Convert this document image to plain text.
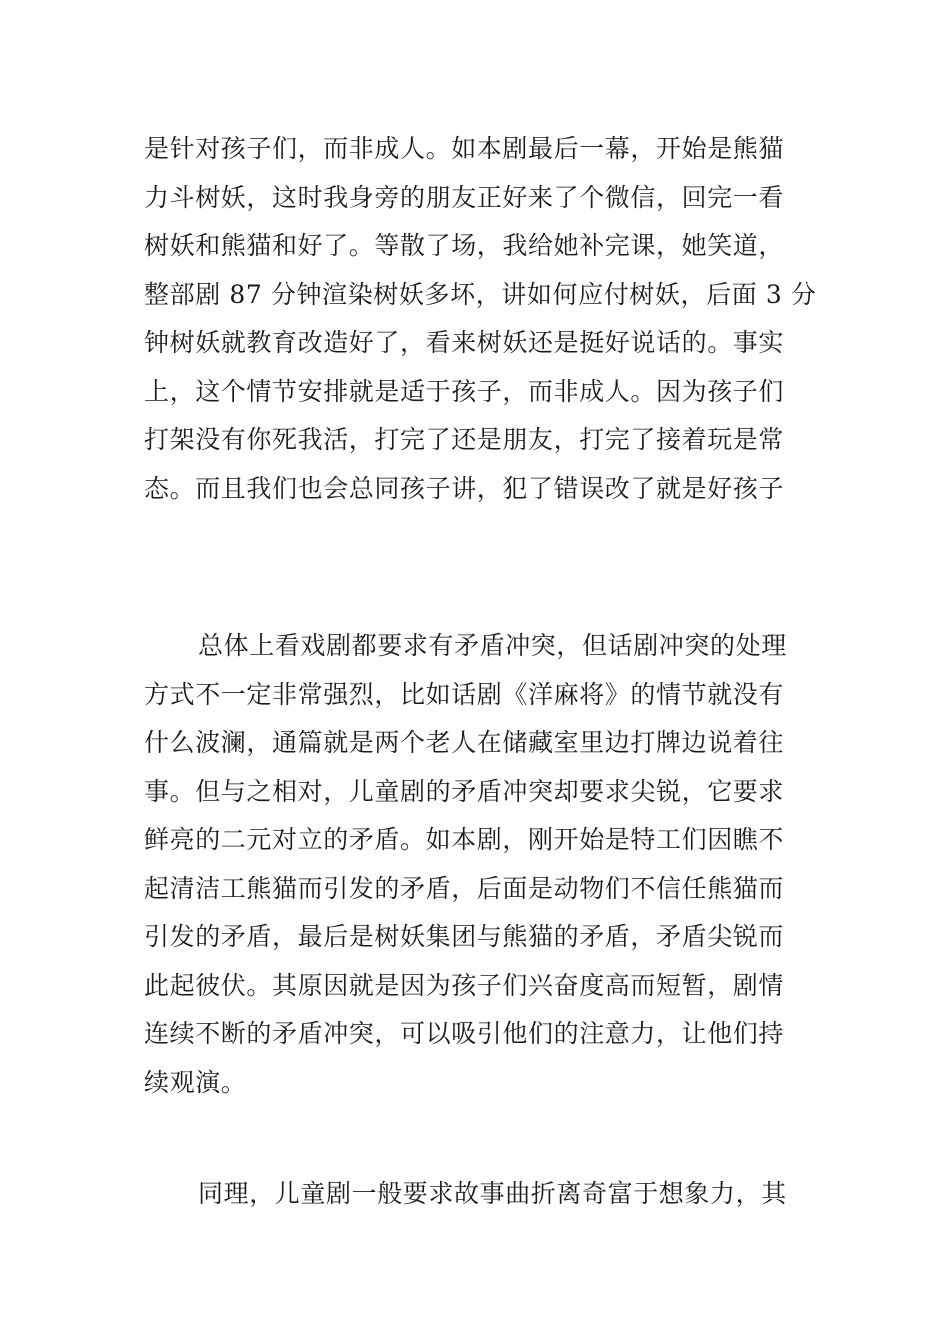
是针对孩子们，而非成人。如本剧最后一幕，开始是熊猫
力斗树妖，这时我身旁的朋友正好来了个微信，回完一看
树妖和熊猫和好了。等散了场，我给她补完课，她笑道，
整部剧 87 分钟渲染树妖多坏，讲如何应付树妖，后面 3 分
钟树妖就教育改造好了，看来树妖还是挺好说话的。事实
上，这个情节安排就是适于孩子，而非成人。因为孩子们
打架没有你死我活，打完了还是朋友，打完了接着玩是常
态。而且我们也会总同孩子讲，犯了错误改了就是好孩子
总体上看戏剧都要求有矛盾冲突，但话剧冲突的处理
方式不一定非常强烈，比如话剧《洋麻将》的情节就没有
什么波澜，通篇就是两个老人在储藏室里边打牌边说着往
事。但与之相对，儿童剧的矛盾冲突却要求尖锐，它要求
鲜亮的二元对立的矛盾。如本剧，刚开始是特工们因瞧不
起清洁工熊猫而引发的矛盾，后面是动物们不信任熊猫而
引发的矛盾，最后是树妖集团与熊猫的矛盾，矛盾尖锐而
此起彼伏。其原因就是因为孩子们兴奋度高而短暂，剧情
连续不断的矛盾冲突，可以吸引他们的注意力，让他们持
续观演。
同理，儿童剧一般要求故事曲折离奇富于想象力，其
